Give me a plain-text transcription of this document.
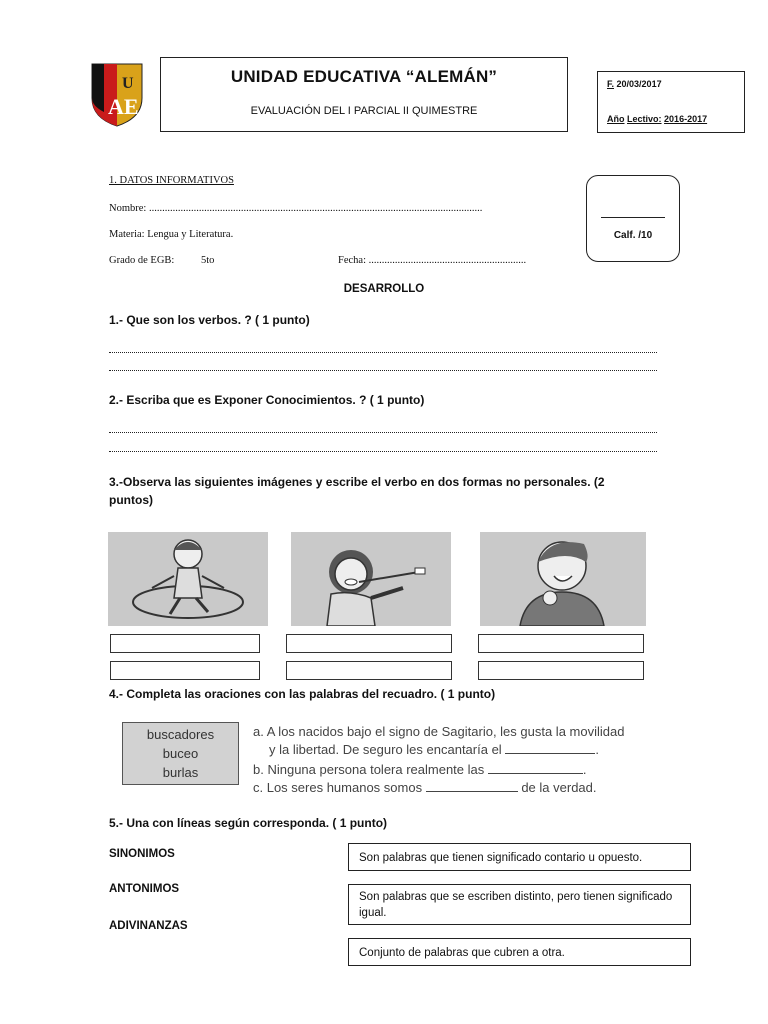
U
AE
UNIDAD EDUCATIVA “ALEMÁN”
EVALUACIÓN DEL I PARCIAL II QUIMESTRE
F. 20/03/2017
Año Lectivo: 2016-2017
Calf. /10
1. DATOS INFORMATIVOS
Nombre: ...............................................................................................................................
Materia: Lengua y Literatura.
Grado de EGB:	5to	Fecha: ............................................................
DESARROLLO
1.- Que son los verbos. ? ( 1 punto)
2.- Escriba que es Exponer Conocimientos. ? ( 1 punto)
3.-Observa las siguientes imágenes y escribe el verbo en dos formas no personales. (2 puntos)
4.- Completa las oraciones con las palabras del recuadro. ( 1 punto)
buscadores
buceo
burlas
a. A los nacidos bajo el signo de Sagitario, les gusta la movilidad
y la libertad. De seguro les encantaría el	.
b. Ninguna persona tolera realmente las	.
c. Los seres humanos somos	de la verdad.
5.- Una con líneas según corresponda. ( 1 punto)
SINONIMOS
ANTONIMOS
ADIVINANZAS
Son palabras que tienen significado contario u opuesto.
Son palabras que se escriben distinto, pero tienen significado igual.
Conjunto de palabras que cubren a otra.
